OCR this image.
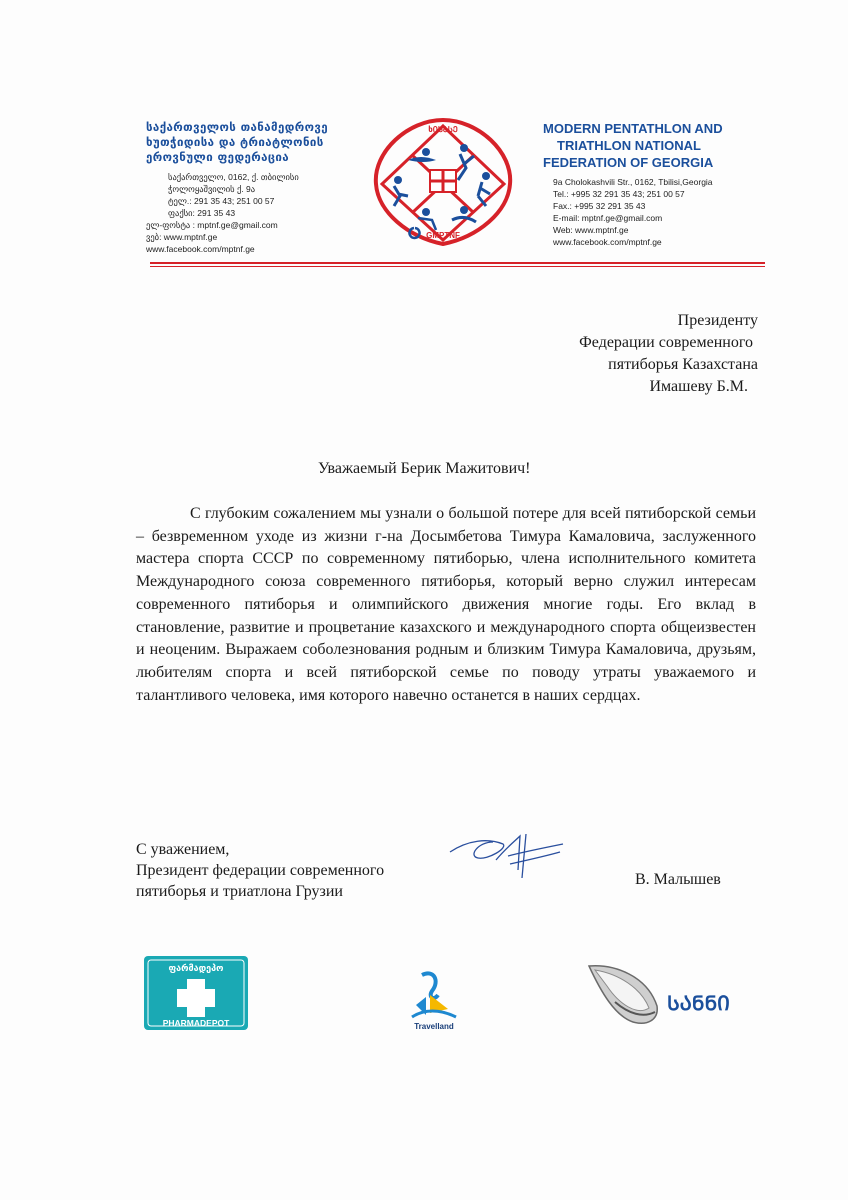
საქართველოს თანამედროვე
ხუთჭიდისა და ტრიატლონის
ეროვნული ფედერაცია
საქართველო, 0162, ქ. თბილისი
ჭოლოყაშვილის ქ. 9ა
ტელ.: 291 35 43; 251 00 57
ფაქსი: 291 35 43
ელ-ფოსტა : mptnf.ge@gmail.com
ვებ: www.mptnf.ge
www.facebook.com/mptnf.ge
ხᲘᲡᲐᲡᲔ
GMPTNF
MODERN PENTATHLON AND
TRIATHLON NATIONAL
FEDERATION OF GEORGIA
9a Cholokashvili Str., 0162, Tbilisi,Georgia
Tel.: +995 32 291 35 43; 251 00 57
Fax.: +995 32 291 35 43
E-mail: mptnf.ge@gmail.com
Web: www.mptnf.ge
www.facebook.com/mptnf.ge
Президенту
Федерации современного
пятиборья Казахстана
Имашеву Б.М.
Уважаемый Берик Мажитович!
С глубоким сожалением мы узнали о большой потере для всей пятиборской семьи – безвременном уходе из жизни г-на Досымбетова Тимура Камаловича, заслуженного мастера спорта СССР по современному пятиборью, члена исполнительного комитета Международного союза современного пятиборья, который верно служил интересам современного пятиборья и олимпийского движения многие годы. Его вклад в становление, развитие и процветание казахского и международного спорта общеизвестен и неоценим. Выражаем соболезнования родным и близким Тимура Камаловича, друзьям, любителям спорта и всей пятиборской семье по поводу утраты уважаемого и талантливого человека, имя которого навечно останется в наших сердцах.
С уважением,
Президент федерации современного
пятиборья и триатлона Грузии
В. Малышев
ფარმადეპო
PHARMADEPOT	Travelland
ᲡᲐᲜᲜᲘ
